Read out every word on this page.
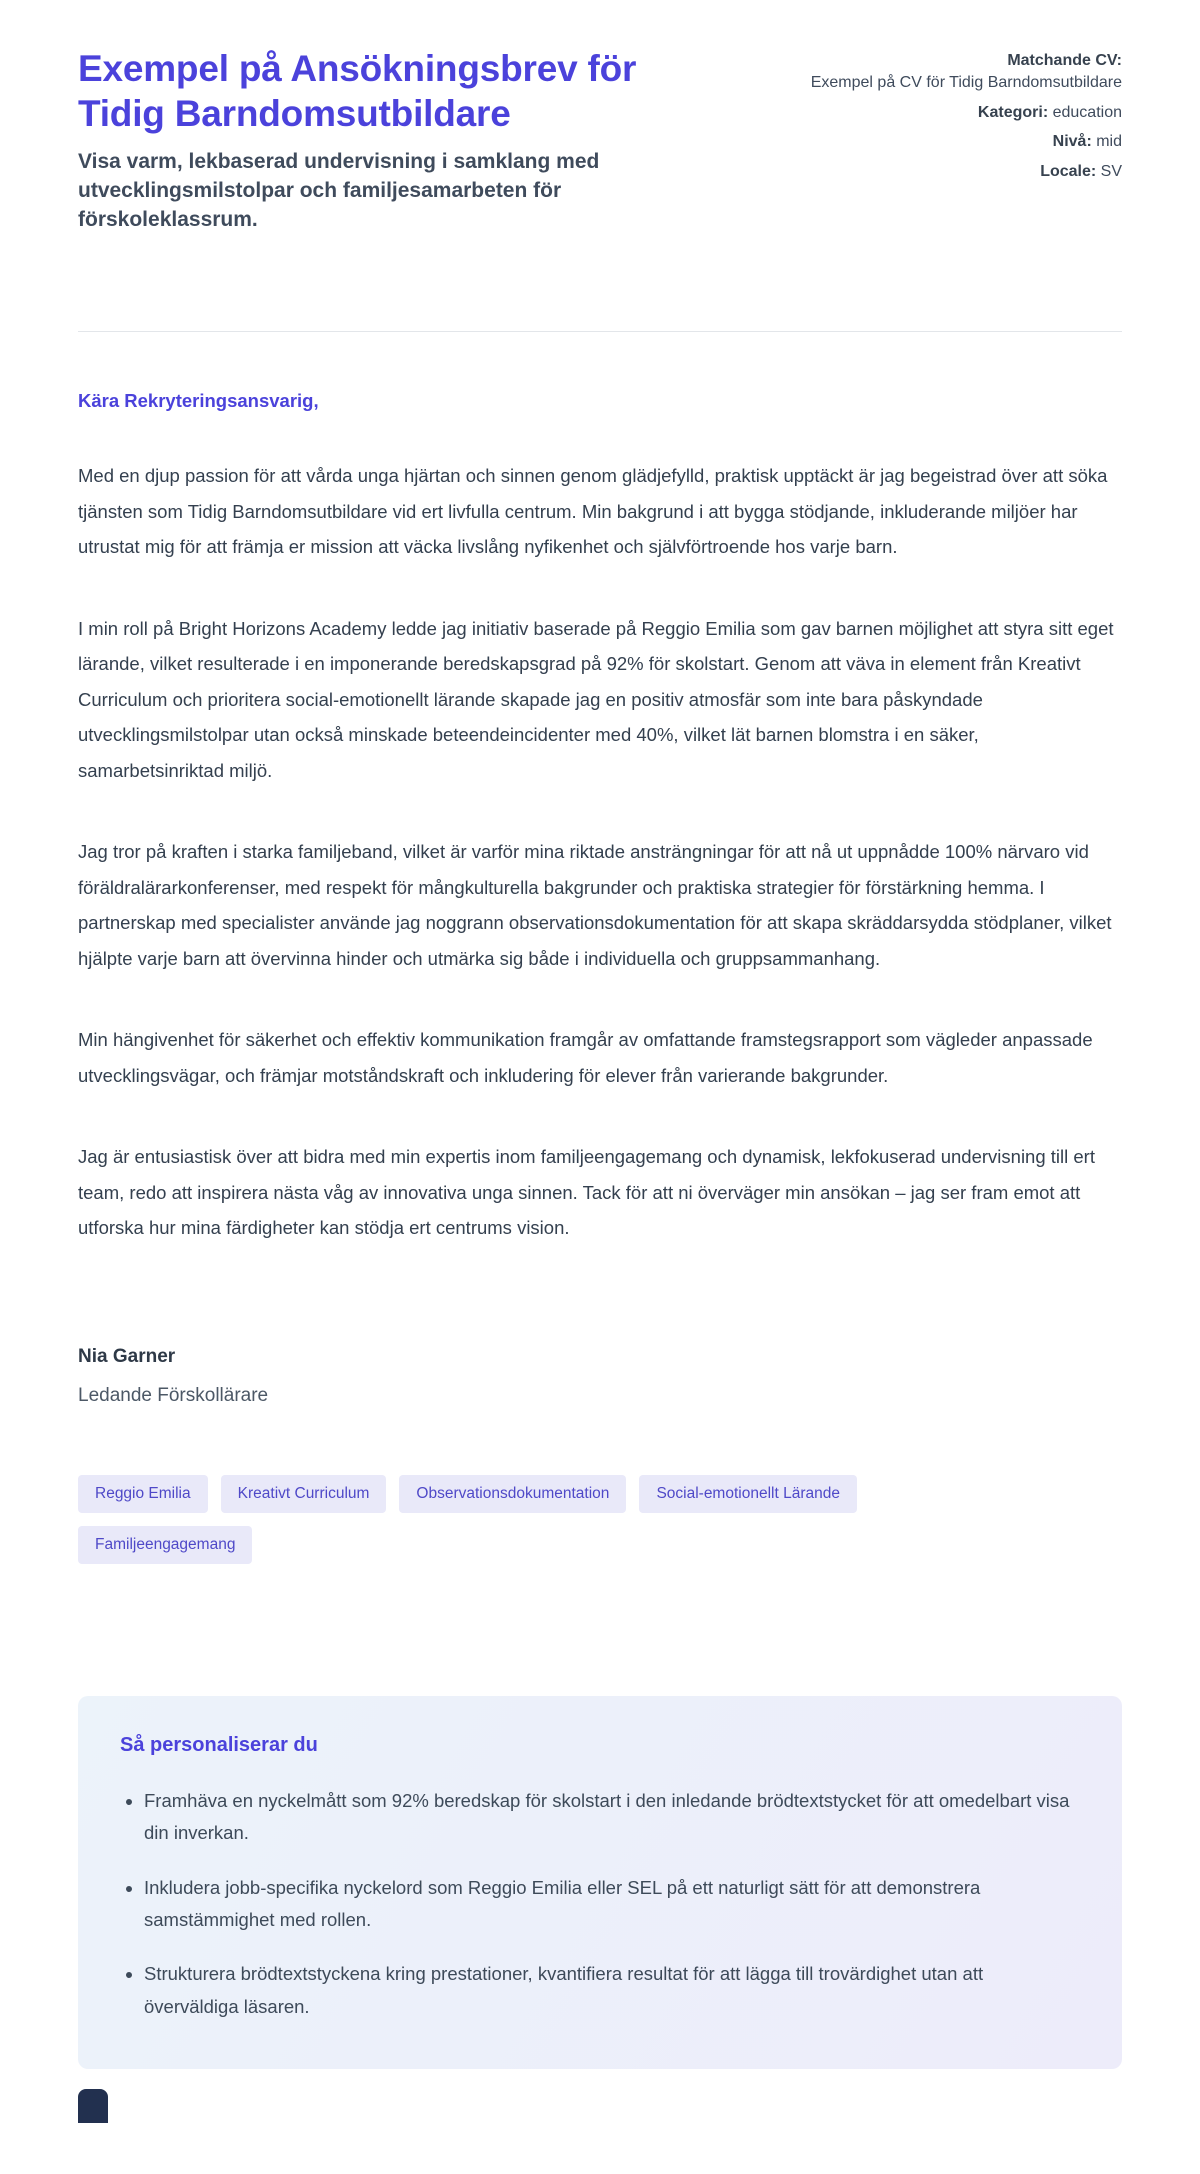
Exempel på Ansökningsbrev för Tidig Barndomsutbildare

Visa varm, lekbaserad undervisning i samklang med utvecklingsmilstolpar och familjesamarbeten för förskoleklassrum.

Matchande CV:
Exempel på CV för Tidig Barndomsutbildare
Kategori: education
Nivå: mid
Locale: SV

Kära Rekryteringsansvarig,

Med en djup passion för att vårda unga hjärtan och sinnen genom glädjefylld, praktisk upptäckt är jag begeistrad över att söka tjänsten som Tidig Barndomsutbildare vid ert livfulla centrum. Min bakgrund i att bygga stödjande, inkluderande miljöer har utrustat mig för att främja er mission att väcka livslång nyfikenhet och självförtroende hos varje barn.

I min roll på Bright Horizons Academy ledde jag initiativ baserade på Reggio Emilia som gav barnen möjlighet att styra sitt eget lärande, vilket resulterade i en imponerande beredskapsgrad på 92% för skolstart. Genom att väva in element från Kreativt Curriculum och prioritera social-emotionellt lärande skapade jag en positiv atmosfär som inte bara påskyndade utvecklingsmilstolpar utan också minskade beteendeincidenter med 40%, vilket lät barnen blomstra i en säker, samarbetsinriktad miljö.

Jag tror på kraften i starka familjeband, vilket är varför mina riktade ansträngningar för att nå ut uppnådde 100% närvaro vid föräldralärarkonferenser, med respekt för mångkulturella bakgrunder och praktiska strategier för förstärkning hemma. I partnerskap med specialister använde jag noggrann observationsdokumentation för att skapa skräddarsydda stödplaner, vilket hjälpte varje barn att övervinna hinder och utmärka sig både i individuella och gruppsammanhang.

Min hängivenhet för säkerhet och effektiv kommunikation framgår av omfattande framstegsrapport som vägleder anpassade utvecklingsvägar, och främjar motståndskraft och inkludering för elever från varierande bakgrunder.

Jag är entusiastisk över att bidra med min expertis inom familjeengagemang och dynamisk, lekfokuserad undervisning till ert team, redo att inspirera nästa våg av innovativa unga sinnen. Tack för att ni överväger min ansökan – jag ser fram emot att utforska hur mina färdigheter kan stödja ert centrums vision.

Nia Garner

Ledande Förskollärare

Reggio Emilia	Kreativt Curriculum	Observationsdokumentation	Social-emotionellt Lärande
Familjeengagemang
Så personaliserar du
• Framhäva en nyckelmått som 92% beredskap för skolstart i den inledande brödtextstycket för att omedelbart visa din inverkan.
• Inkludera jobb-specifika nyckelord som Reggio Emilia eller SEL på ett naturligt sätt för att demonstrera samstämmighet med rollen.
• Strukturera brödtextstyckena kring prestationer, kvantifiera resultat för att lägga till trovärdighet utan att överväldiga läsaren.
